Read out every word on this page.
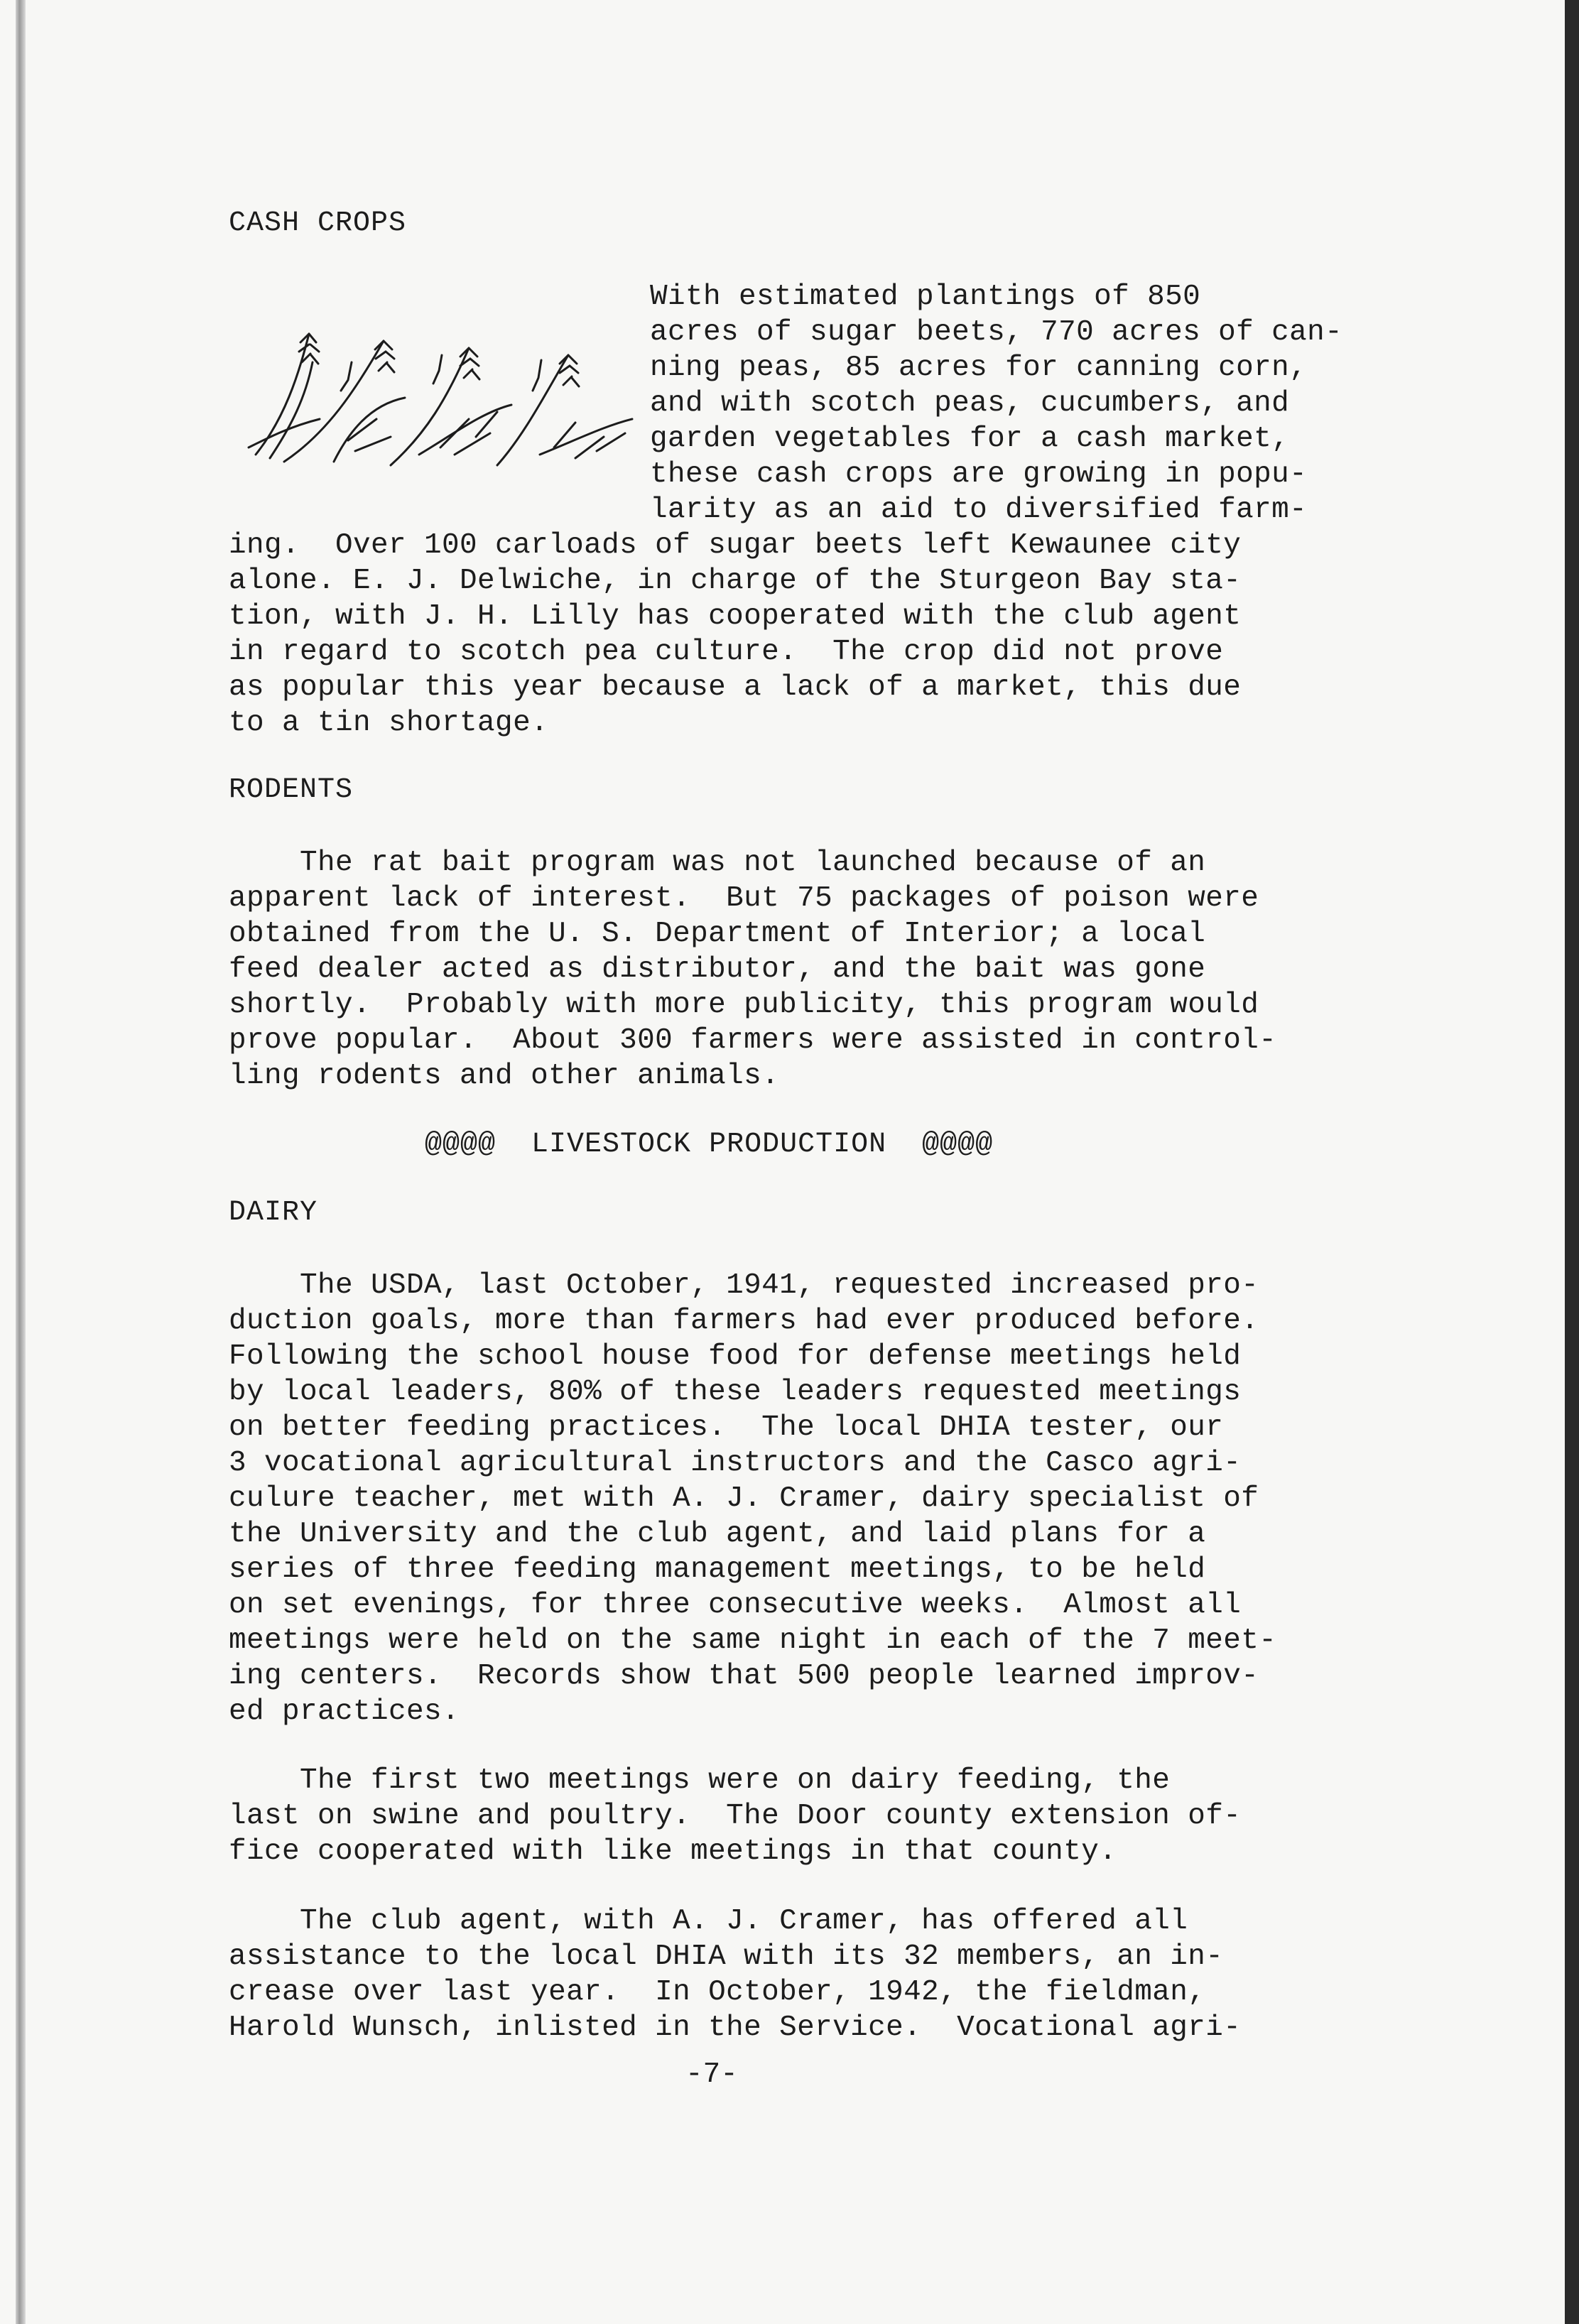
CASH CROPS
With estimated plantings of 850
acres of sugar beets, 770 acres of can-
ning peas, 85 acres for canning corn,
and with scotch peas, cucumbers, and
garden vegetables for a cash market,
these cash crops are growing in popu-
larity as an aid to diversified farm-
ing.  Over 100 carloads of sugar beets left Kewaunee city
alone. E. J. Delwiche, in charge of the Sturgeon Bay sta-
tion, with J. H. Lilly has cooperated with the club agent
in regard to scotch pea culture.  The crop did not prove
as popular this year because a lack of a market, this due
to a tin shortage.
RODENTS
The rat bait program was not launched because of an
apparent lack of interest.  But 75 packages of poison were
obtained from the U. S. Department of Interior; a local
feed dealer acted as distributor, and the bait was gone
shortly.  Probably with more publicity, this program would
prove popular.  About 300 farmers were assisted in control-
ling rodents and other animals.
@@@@  LIVESTOCK PRODUCTION  @@@@
DAIRY
The USDA, last October, 1941, requested increased pro-
duction goals, more than farmers had ever produced before.
Following the school house food for defense meetings held
by local leaders, 80% of these leaders requested meetings
on better feeding practices.  The local DHIA tester, our
3 vocational agricultural instructors and the Casco agri-
culure teacher, met with A. J. Cramer, dairy specialist of
the University and the club agent, and laid plans for a
series of three feeding management meetings, to be held
on set evenings, for three consecutive weeks.  Almost all
meetings were held on the same night in each of the 7 meet-
ing centers.  Records show that 500 people learned improv-
ed practices.
The first two meetings were on dairy feeding, the
last on swine and poultry.  The Door county extension of-
fice cooperated with like meetings in that county.
The club agent, with A. J. Cramer, has offered all
assistance to the local DHIA with its 32 members, an in-
crease over last year.  In October, 1942, the fieldman,
Harold Wunsch, inlisted in the Service.  Vocational agri-
-7-
